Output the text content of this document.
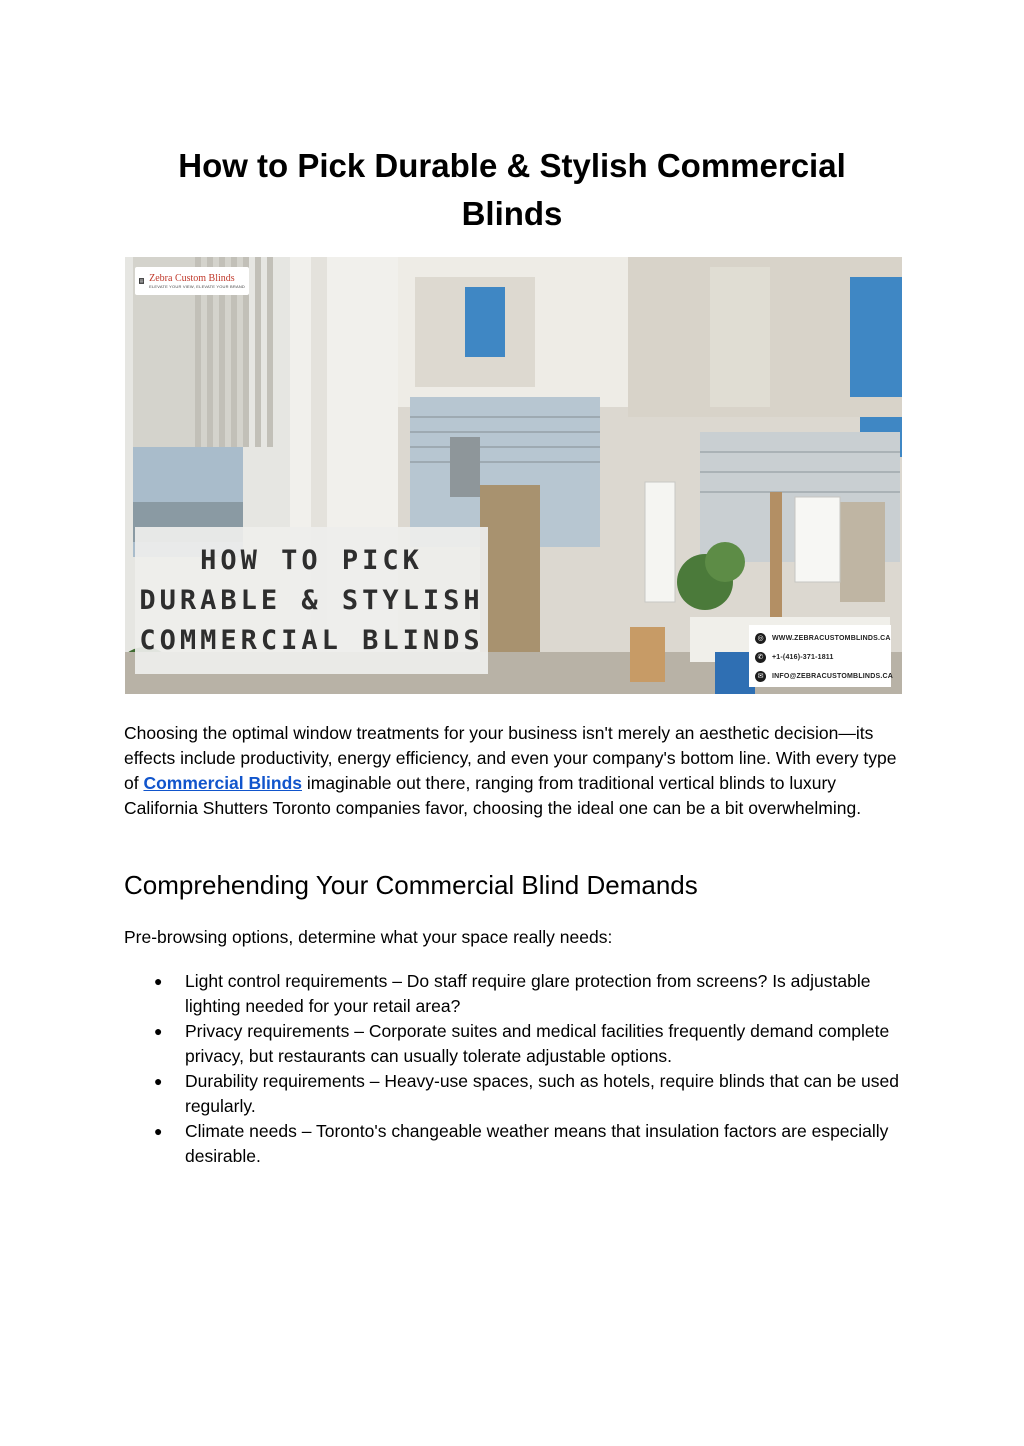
How to Pick Durable & Stylish Commercial Blinds
Zebra Custom Blinds
ELEVATE YOUR VIEW, ELEVATE YOUR BRAND
HOW TO PICK
DURABLE & STYLISH
COMMERCIAL BLINDS	◎	WWW.ZEBRACUSTOMBLINDS.CA
✆	+1-(416)-371-1811
✉	INFO@ZEBRACUSTOMBLINDS.CA

Choosing the optimal window treatments for your business isn't merely an aesthetic decision—its effects include productivity, energy efficiency, and even your company's bottom line. With every type of Commercial Blinds imaginable out there, ranging from traditional vertical blinds to luxury California Shutters Toronto companies favor, choosing the ideal one can be a bit overwhelming.

Comprehending Your Commercial Blind Demands

Pre-browsing options, determine what your space really needs:

● Light control requirements – Do staff require glare protection from screens? Is adjustable lighting needed for your retail area?
● Privacy requirements – Corporate suites and medical facilities frequently demand complete privacy, but restaurants can usually tolerate adjustable options.
● Durability requirements – Heavy-use spaces, such as hotels, require blinds that can be used regularly.
● Climate needs – Toronto's changeable weather means that insulation factors are especially desirable.
